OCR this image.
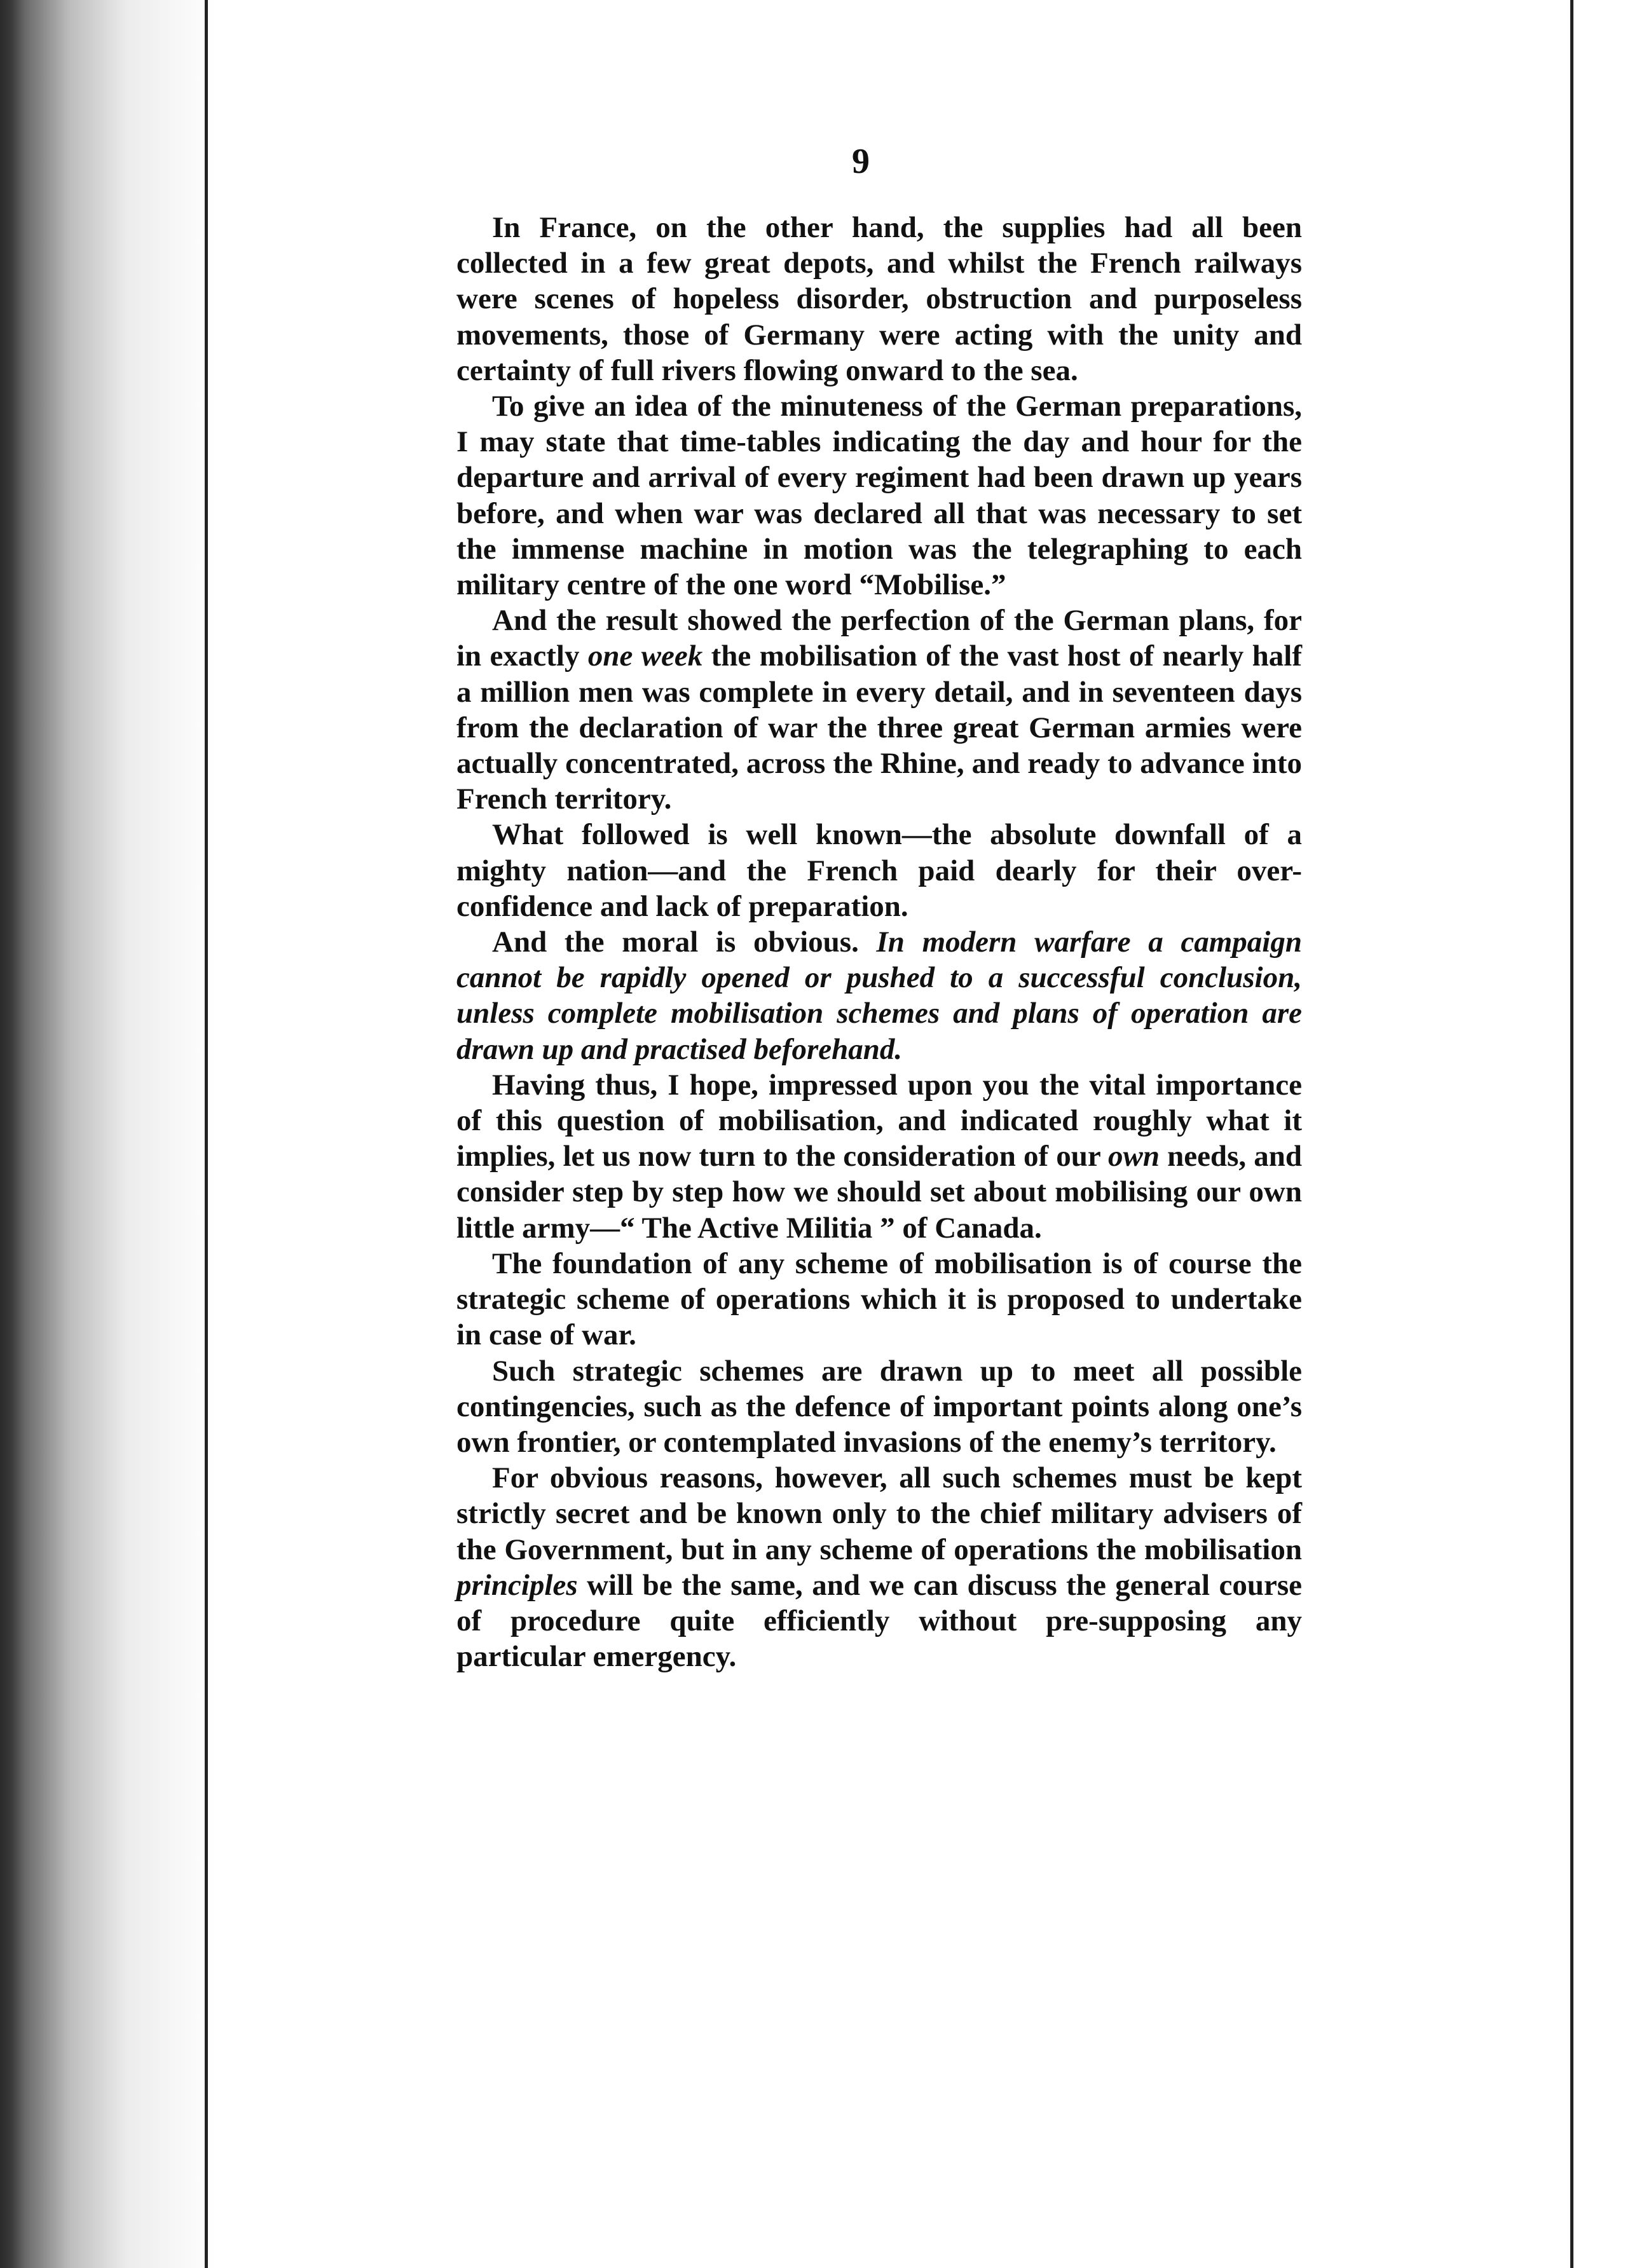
9

In France, on the other hand, the supplies had all been collected in a few great depots, and whilst the French railways were scenes of hopeless disorder, obstruction and purposeless movements, those of Germany were acting with the unity and certainty of full rivers flowing onward to the sea.

To give an idea of the minuteness of the German preparations, I may state that time-tables indicating the day and hour for the departure and arrival of every regiment had been drawn up years before, and when war was declared all that was necessary to set the immense machine in motion was the telegraphing to each military centre of the one word “Mobilise.”

And the result showed the perfection of the German plans, for in exactly one week the mobilisation of the vast host of nearly half a million men was complete in every detail, and in seventeen days from the declaration of war the three great German armies were actually concentrated, across the Rhine, and ready to advance into French territory.

What followed is well known—the absolute downfall of a mighty nation—and the French paid dearly for their over-confidence and lack of preparation.

And the moral is obvious. In modern warfare a campaign cannot be rapidly opened or pushed to a successful conclusion, unless complete mobilisation schemes and plans of operation are drawn up and practised beforehand.

Having thus, I hope, impressed upon you the vital importance of this question of mobilisation, and indicated roughly what it implies, let us now turn to the consideration of our own needs, and consider step by step how we should set about mobilising our own little army—“ The Active Militia ” of Canada.

The foundation of any scheme of mobilisation is of course the strategic scheme of operations which it is proposed to undertake in case of war.

Such strategic schemes are drawn up to meet all possible contingencies, such as the defence of important points along one’s own frontier, or contemplated invasions of the enemy’s territory.

For obvious reasons, however, all such schemes must be kept strictly secret and be known only to the chief military advisers of the Government, but in any scheme of operations the mobilisation principles will be the same, and we can discuss the general course of procedure quite efficiently without pre-supposing any particular emergency.
